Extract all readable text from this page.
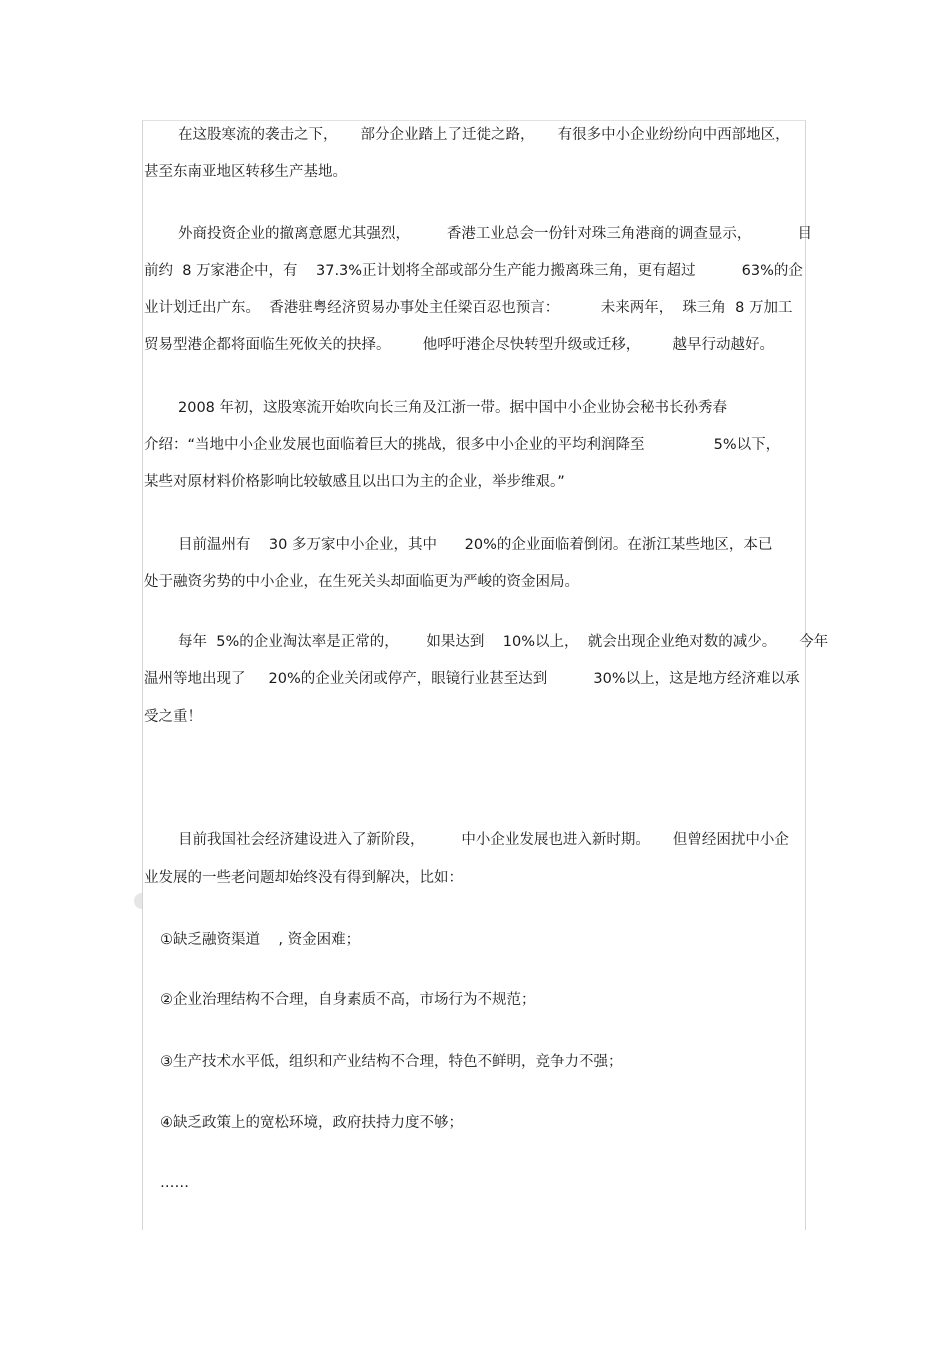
在这股寒流的袭击之下，     部分企业踏上了迁徙之路，     有很多中小企业纷纷向中西部地区，
甚至东南亚地区转移生产基地。
外商投资企业的撤离意愿尤其强烈，        香港工业总会一份针对珠三角港商的调查显示，          目
前约  8 万家港企中，有    37.3%正计划将全部或部分生产能力搬离珠三角，更有超过          63%的企
业计划迁出广东。  香港驻粤经济贸易办事处主任梁百忍也预言：         未来两年，  珠三角  8 万加工
贸易型港企都将面临生死攸关的抉择。       他呼吁港企尽快转型升级或迁移，       越早行动越好。
2008 年初，这股寒流开始吹向长三角及江浙一带。据中国中小企业协会秘书长孙秀春
介绍：“当地中小企业发展也面临着巨大的挑战，很多中小企业的平均利润降至               5%以下，
某些对原材料价格影响比较敏感且以出口为主的企业，举步维艰。”
目前温州有    30 多万家中小企业，其中      20%的企业面临着倒闭。在浙江某些地区，本已
处于融资劣势的中小企业，在生死关头却面临更为严峻的资金困局。
每年  5%的企业淘汰率是正常的，      如果达到    10%以上，  就会出现企业绝对数的减少。     今年
温州等地出现了     20%的企业关闭或停产，眼镜行业甚至达到          30%以上，这是地方经济难以承
受之重！
目前我国社会经济建设进入了新阶段，        中小企业发展也进入新时期。     但曾经困扰中小企
业发展的一些老问题却始终没有得到解决，比如：
①缺乏融资渠道    , 资金困难；
②企业治理结构不合理，自身素质不高，市场行为不规范；
③生产技术水平低，组织和产业结构不合理，特色不鲜明，竞争力不强；
④缺乏政策上的宽松环境，政府扶持力度不够；
……
